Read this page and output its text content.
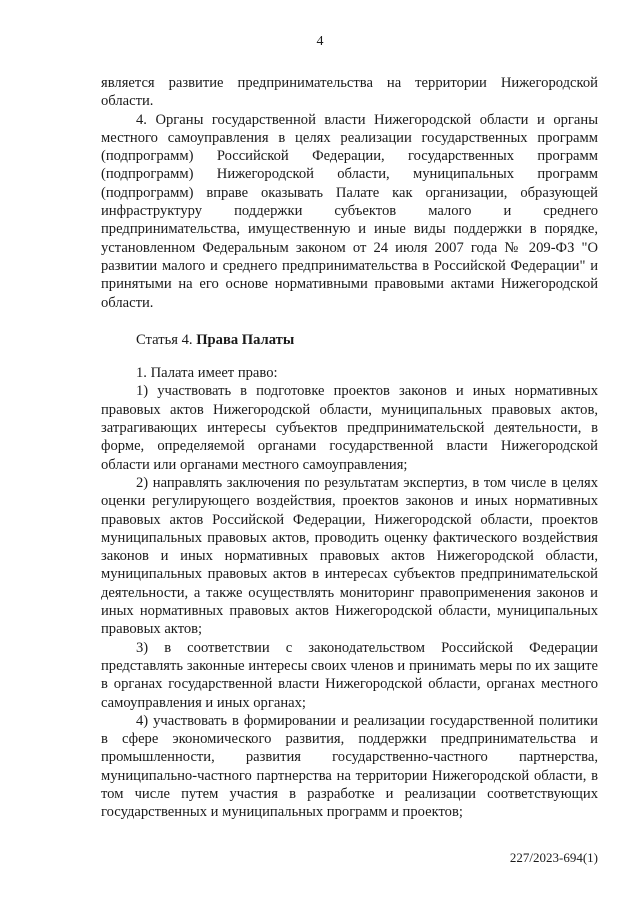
4

является развитие предпринимательства на территории Нижегородской области.

4. Органы государственной власти Нижегородской области и органы местного самоуправления в целях реализации государственных программ (подпрограмм) Российской Федерации, государственных программ (подпрограмм) Нижегородской области, муниципальных программ (подпрограмм) вправе оказывать Палате как организации, образующей инфраструктуру поддержки субъектов малого и среднего предпринимательства, имущественную и иные виды поддержки в порядке, установленном Федеральным законом от 24 июля 2007 года № 209-ФЗ "О развитии малого и среднего предпринимательства в Российской Федерации" и принятыми на его основе нормативными правовыми актами Нижегородской области.

Статья 4. Права Палаты

1. Палата имеет право:

1) участвовать в подготовке проектов законов и иных нормативных правовых актов Нижегородской области, муниципальных правовых актов, затрагивающих интересы субъектов предпринимательской деятельности, в форме, определяемой органами государственной власти Нижегородской области или органами местного самоуправления;

2) направлять заключения по результатам экспертиз, в том числе в целях оценки регулирующего воздействия, проектов законов и иных нормативных правовых актов Российской Федерации, Нижегородской области, проектов муниципальных правовых актов, проводить оценку фактического воздействия законов и иных нормативных правовых актов Нижегородской области, муниципальных правовых актов в интересах субъектов предпринимательской деятельности, а также осуществлять мониторинг правоприменения законов и иных нормативных правовых актов Нижегородской области, муниципальных правовых актов;

3) в соответствии с законодательством Российской Федерации представлять законные интересы своих членов и принимать меры по их защите в органах государственной власти Нижегородской области, органах местного самоуправления и иных органах;

4) участвовать в формировании и реализации государственной политики в сфере экономического развития, поддержки предпринимательства и промышленности, развития государственно-частного партнерства, муниципально-частного партнерства на территории Нижегородской области, в том числе путем участия в разработке и реализации соответствующих государственных и муниципальных программ и проектов;

227/2023-694(1)
